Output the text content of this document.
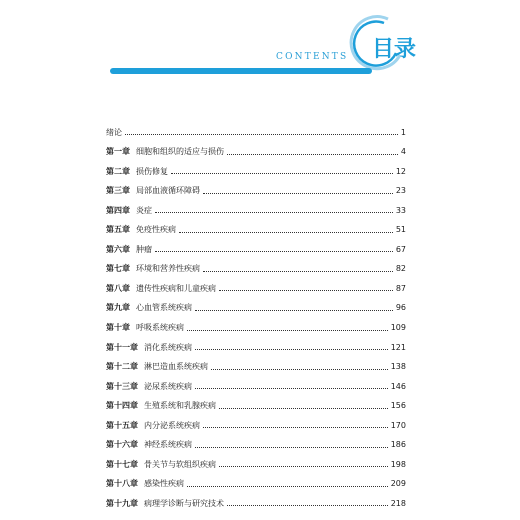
CONTENTS 目录
绪论	1
第一章 细胞和组织的适应与损伤	4
第二章 损伤修复	12
第三章 局部血液循环障碍	23
第四章 炎症	33
第五章 免疫性疾病	51
第六章 肿瘤	67
第七章 环境和营养性疾病	82
第八章 遗传性疾病和儿童疾病	87
第九章 心血管系统疾病	96
第十章 呼吸系统疾病	109
第十一章 消化系统疾病	121
第十二章 淋巴造血系统疾病	138
第十三章 泌尿系统疾病	146
第十四章 生殖系统和乳腺疾病	156
第十五章 内分泌系统疾病	170
第十六章 神经系统疾病	186
第十七章 骨关节与软组织疾病	198
第十八章 感染性疾病	209
第十九章 病理学诊断与研究技术	218
